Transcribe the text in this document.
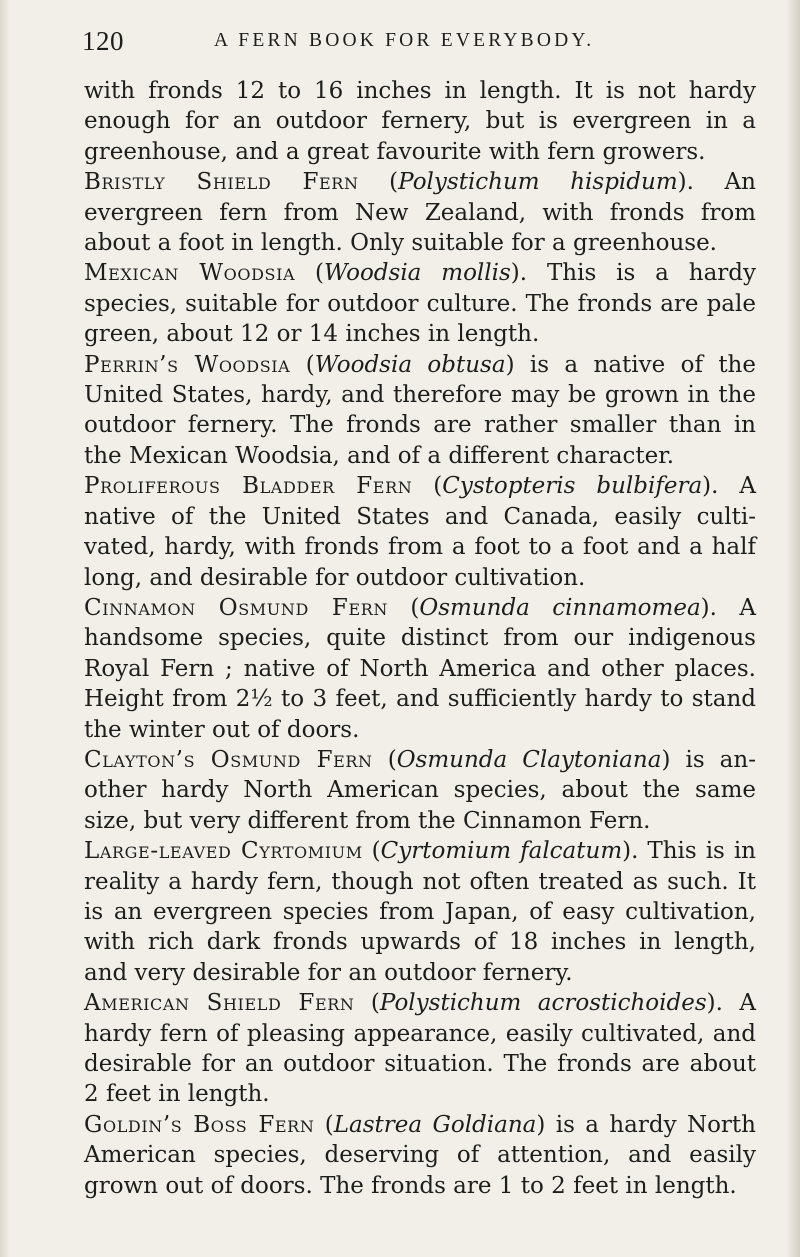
120	A FERN BOOK FOR EVERYBODY.

with fronds 12 to 16 inches in length. It is not hardy enough for an outdoor fernery, but is evergreen in a greenhouse, and a great favourite with fern growers.

Bristly Shield Fern (Polystichum hispidum). An evergreen fern from New Zealand, with fronds from about a foot in length. Only suitable for a greenhouse.

Mexican Woodsia (Woodsia mollis). This is a hardy species, suitable for outdoor culture. The fronds are pale green, about 12 or 14 inches in length.

Perrin’s Woodsia (Woodsia obtusa) is a native of the United States, hardy, and therefore may be grown in the outdoor fernery. The fronds are rather smaller than in the Mexican Woodsia, and of a different character.

Proliferous Bladder Fern (Cystopteris bulbifera). A native of the United States and Canada, easily culti-vated, hardy, with fronds from a foot to a foot and a half long, and desirable for outdoor cultivation.

Cinnamon Osmund Fern (Osmunda cinnamomea). A handsome species, quite distinct from our indigenous Royal Fern ; native of North America and other places. Height from 2½ to 3 feet, and sufficiently hardy to stand the winter out of doors.

Clayton’s Osmund Fern (Osmunda Claytoniana) is an-other hardy North American species, about the same size, but very different from the Cinnamon Fern.

Large-leaved Cyrtomium (Cyrtomium falcatum). This is in reality a hardy fern, though not often treated as such. It is an evergreen species from Japan, of easy cultivation, with rich dark fronds upwards of 18 inches in length, and very desirable for an outdoor fernery.

American Shield Fern (Polystichum acrostichoides). A hardy fern of pleasing appearance, easily cultivated, and desirable for an outdoor situation. The fronds are about 2 feet in length.

Goldin’s Boss Fern (Lastrea Goldiana) is a hardy North American species, deserving of attention, and easily grown out of doors. The fronds are 1 to 2 feet in length.
